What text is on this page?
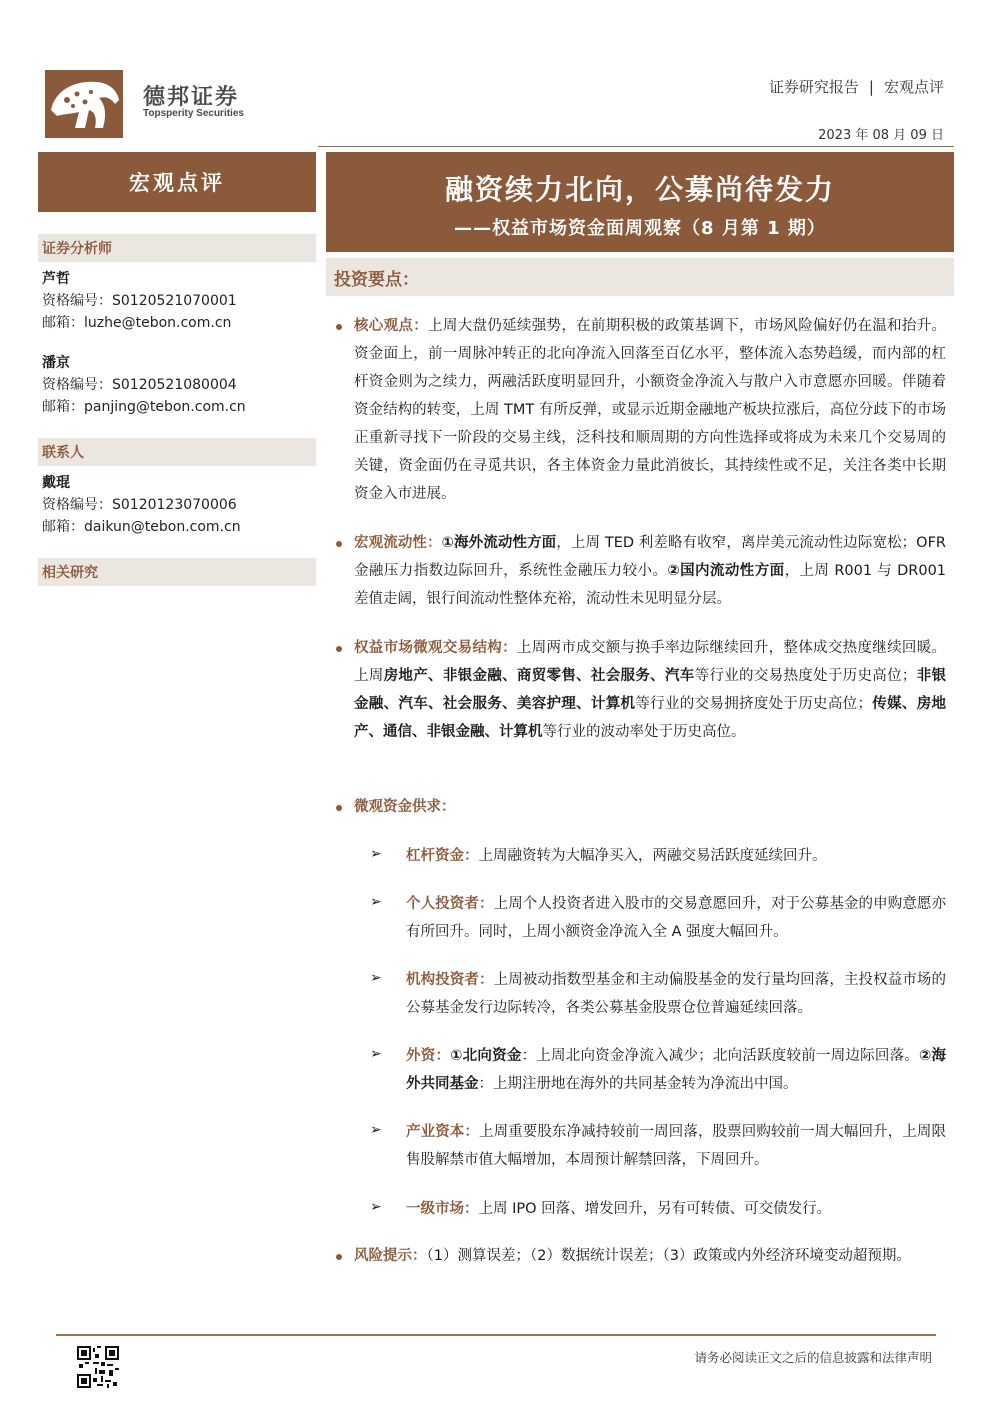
德邦证券
Topsperity Securities
证券研究报告 | 宏观点评
2023 年 08 月 09 日
宏观点评
证券分析师
芦哲
资格编号：S0120521070001
邮箱：luzhe@tebon.com.cn
潘京
资格编号：S0120521080004
邮箱：panjing@tebon.com.cn
联系人
戴琨
资格编号：S0120123070006
邮箱：daikun@tebon.com.cn
相关研究
融资续力北向，公募尚待发力
——权益市场资金面周观察（8 月第 1 期）
投资要点：
核心观点：上周大盘仍延续强势，在前期积极的政策基调下，市场风险偏好仍在温和抬升。资金面上，前一周脉冲转正的北向净流入回落至百亿水平，整体流入态势趋缓，而内部的杠杆资金则为之续力，两融活跃度明显回升，小额资金净流入与散户入市意愿亦回暖。伴随着资金结构的转变，上周 TMT 有所反弹，或显示近期金融地产板块拉涨后，高位分歧下的市场正重新寻找下一阶段的交易主线，泛科技和顺周期的方向性选择或将成为未来几个交易周的关键，资金面仍在寻觅共识，各主体资金力量此消彼长，其持续性或不足，关注各类中长期资金入市进展。
宏观流动性：①海外流动性方面，上周 TED 利差略有收窄，离岸美元流动性边际宽松；OFR 金融压力指数边际回升，系统性金融压力较小。②国内流动性方面，上周 R001 与 DR001 差值走阔，银行间流动性整体充裕，流动性未见明显分层。
权益市场微观交易结构：上周两市成交额与换手率边际继续回升，整体成交热度继续回暖。上周房地产、非银金融、商贸零售、社会服务、汽车等行业的交易热度处于历史高位；非银金融、汽车、社会服务、美容护理、计算机等行业的交易拥挤度处于历史高位；传媒、房地产、通信、非银金融、计算机等行业的波动率处于历史高位。
微观资金供求：
➢ 杠杆资金：上周融资转为大幅净买入，两融交易活跃度延续回升。
➢ 个人投资者：上周个人投资者进入股市的交易意愿回升，对于公募基金的申购意愿亦有所回升。同时，上周小额资金净流入全 A 强度大幅回升。
➢ 机构投资者：上周被动指数型基金和主动偏股基金的发行量均回落，主投权益市场的公募基金发行边际转冷，各类公募基金股票仓位普遍延续回落。
➢ 外资：①北向资金：上周北向资金净流入减少；北向活跃度较前一周边际回落。②海外共同基金：上期注册地在海外的共同基金转为净流出中国。
➢ 产业资本：上周重要股东净减持较前一周回落，股票回购较前一周大幅回升，上周限售股解禁市值大幅增加，本周预计解禁回落，下周回升。
➢ 一级市场：上周 IPO 回落、增发回升，另有可转债、可交债发行。
风险提示：（1）测算误差；（2）数据统计误差；（3）政策或内外经济环境变动超预期。
请务必阅读正文之后的信息披露和法律声明
